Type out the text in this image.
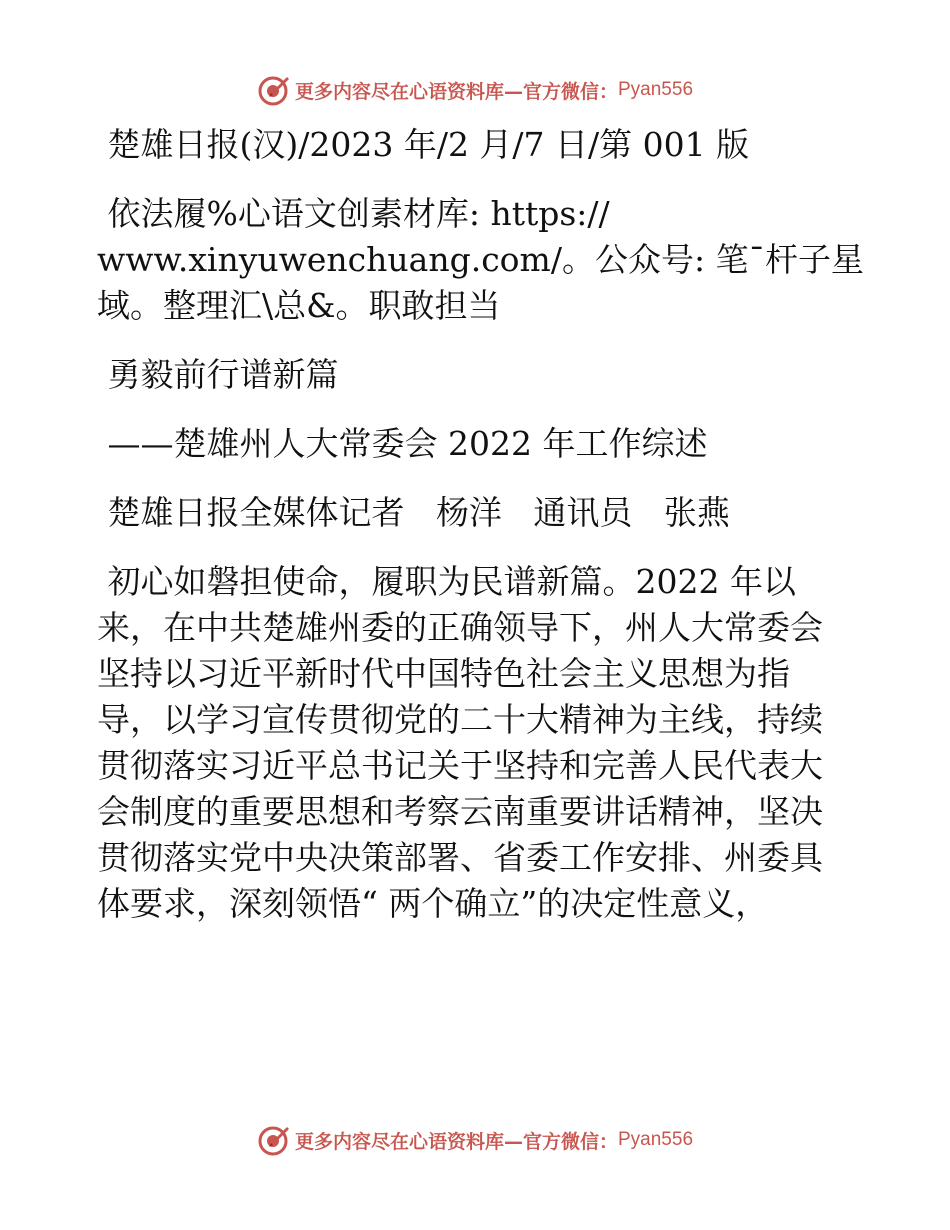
更多内容尽在心语资料库 —官方微信： Pyan556

楚雄日报(汉)/2023 年/2 月/7 日/第 001 版

依法履%心语文创素材库: https://

www.xinyuwenchuang.com/。公众号: 笔¯杆子星

域。整理汇\总&。职敢担当

勇毅前行谱新篇

——楚雄州人大常委会 2022 年工作综述

楚雄日报全媒体记者   杨洋   通讯员   张燕

初心如磐担使命，履职为民谱新篇。2022 年以

来，在中共楚雄州委的正确领导下，州人大常委会

坚持以习近平新时代中国特色社会主义思想为指

导，以学习宣传贯彻党的二十大精神为主线，持续

贯彻落实习近平总书记关于坚持和完善人民代表大

会制度的重要思想和考察云南重要讲话精神，坚决

贯彻落实党中央决策部署、省委工作安排、州委具

体要求，深刻领悟“ 两个确立”的决定性意义，

更多内容尽在心语资料库 —官方微信： Pyan556
